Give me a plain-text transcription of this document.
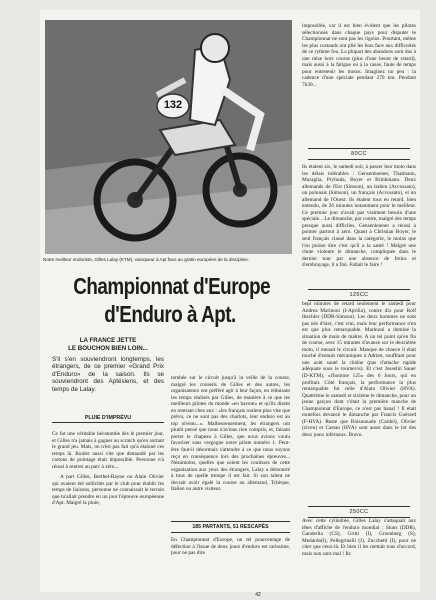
132
Notre meilleur enduriste, Gilles Lalay (KTM), vainqueur à Apt face au gratin européen de la discipline.
Championnat d'Europe
d'Enduro à Apt.
LA FRANCE JETTE
LE BOUCHON BIEN LOIN...
S'il s'en souviendront longtemps, les étrangers, de ce premier «Grand Prix d'Enduro» de la saison. Ils se souviendront des Aptésiens, et des temps de Lalay.

Ce fut une véritable hécatombe dès le premier jour, et Gilles n'a jamais à gagner au scratch qu'en sortant le grand jeu. Mais, on n'est pas fait qu'à étaloné ces temps là. Rouler aussi vite que demandé par les cartons de pointage était impossible. Personne n'a réussi à rentrer au parc à zéro...

A part Gilles, Berthet-Rayne ou Alain Olivier qui avaient été sollicités par le club pour établir les temps de liaisons, personne ne connaissait le terrain que tu'allait prendre en un jour l'épreuve européenne d'Apt. Malgré la pluie,

PLUIE D'IMPRÉVU

tombée sur le circuit jusqu'à la veille de la course, malgré les conseils de Gilles et des autres, les organisateurs ont préféré agir à leur façon, en réduisant les temps réalisés par Gilles, de manière à ce que les meilleurs pilotes du monde «en havent» et qu'ils disent en rentrant chez eux : «les français roulent plus vite que prévu, ce ne sont pas des charlots, leur enduro est au top niveau...». Malheureusement, les étrangers ont plutôt pensé que nous n'avions rien compris, et, faisant porter le chapeau à Gilles, que nous avions voulu favoriser sans vergogne notre pilote numéro 1. Peut-être faut-il désormais s'attendre à ce que nous soyons reçu en conséquence lors des prochaines épreuves... Néanmoins, quelles que soient les coulisses de cette organisation aux yeux des étrangers, Lalay a démontré à tous de quelle trempe il est fait. Si son talent ne devrait avoir égalé la course au allemand, Tchèque, Italien ou autre visiteur.

185 PARTANTS, 51 RESCAPÉS

En Championnat d'Europe, un tel pourcentage de défection à l'issue de deux jours d'enduro est rarissime, pour ne pas dire

impossible, car il est bien évident que les pilotes sélectionnés dans chaque pays pour disputer le Championnat ne sont pas les rigolos. Pourtant, même les plus costauds ont plié les bras face aux difficultés de ce rythme fou. La plupart des abandons sont dus à une mise hors course (plus d'une heure de retard), mais aussi à la fatigue ou à la casse, faute de temps pour entretenir les motos. Imaginez un peu : la cadence d'une spéciale pendant 270 km. Pendant 7h30...

80CC

Ils étaient six, le samedi soir, à passer leur moto dans les délais tolérables : Gensenhoener, Thalmann, Muraglia, Pryhuda, Boyer et Brinkmann. Deux allemands de l'Est (Simson), un italien (Accossato), un polonais (Simson), un français (Accossato), et un allemand de l'Ouest. Ils étaient tous en retard, bien entendu, de 26 minutes notamment pour le meilleur. Ce premier jour n'avait pas vraiment besoin d'une spéciale... Le dimanche, par contre, malgré des temps presque aussi difficiles, Gensenhoener a réussi à pointer partout à zéro. Quant à Christian Boyer, le seul français classé dans la catégorie, le moins que l'on puisse dire c'est qu'il a la santé ! Malgré une chute violente le dimanche, compliquée dans le dernier tour par une absence de freins et d'embrayage, il a fini. Fallait le faire !

125CC

bept minutes de retard seulement le samedi pour Andrea Marinoni (I-Aprilia), contre dix pour Rolf Ihechler (DDR-Simson). Les deux hommes ne sont pas nés d'hier, c'est vrai, mais leur performance n'en est que plus remarquable. Marinoni a dominé la situation de main de maître. A un tel point qu'en fin de course, avec 15 minutes d'avance sur le deuxième moto, il menait le circuit. Manque de chance il était touché d'ennuis mécaniques à Adrien, souffrant pour une aoùt sauté la chaîne (pas d'attache rapide adéquate sous le tournevis). Et c'est Josselin Sauer (D-KTM), «l'homme 125» des 6 Jours, qui en profitait. Côté français, la performance la plus remarquable fut celle d'Alain Olivier (HVA). Quatrième le samedi et sixième le dimanche, pour un jeune garçon dont c'était la première manche de Championnat d'Europe, ce n'est pas banal ! Il était toutefois devancé le dimanche par Francis Guérard (F-HVA). Reste que Boisonnade (Cardel), Olivier (ziven) et Castan (HVA) sont aussi dans le lot des deux jours infernaux. Bravo.

250CC

Avec cette cylindrée, Gilles Lalay s'attaquait aux têtes d'affiche de l'enduro mondial : Stuns (DDR), Ganderila (CS), Gritti (I), Groenberg (S), Medardo(I), Pellegrinelli (I), Zucchetti (I), pour ne citer que ceux-là. Et bien il les mettait tous d'accord, mais non sans mal ! Ils

42
